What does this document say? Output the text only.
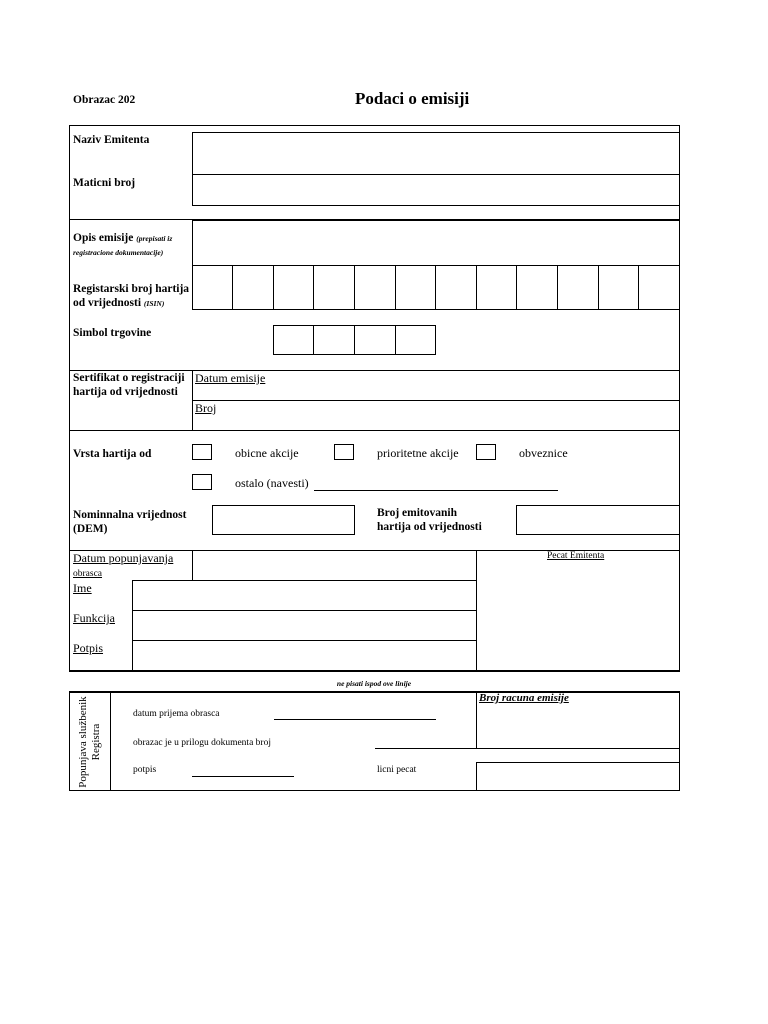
Obrazac 202	Podaci o emisiji
Naziv Emitenta
Maticni broj
Opis emisije (prepisati iz registracione dokumentacije)
Registarski broj hartija
od vrijednosti (ISIN)
Simbol trgovine
Sertifikat o registraciji
hartija od vrijednosti
Datum emisije
Broj
Vrsta hartija od	obicne akcije	prioritetne akcije	obveznice
ostalo (navesti)
Nominnalna vrijednost
(DEM)
Broj emitovanih
hartija od vrijednosti
Datum popunjavanja
obrasca
Pecat Emitenta
Ime
Funkcija
Potpis
ne pisati ispod ove linije
Popunjava službenik Registra
datum prijema obrasca
obrazac je u prilogu dokumenta broj
potpis	licni pecat
Broj racuna emisije
